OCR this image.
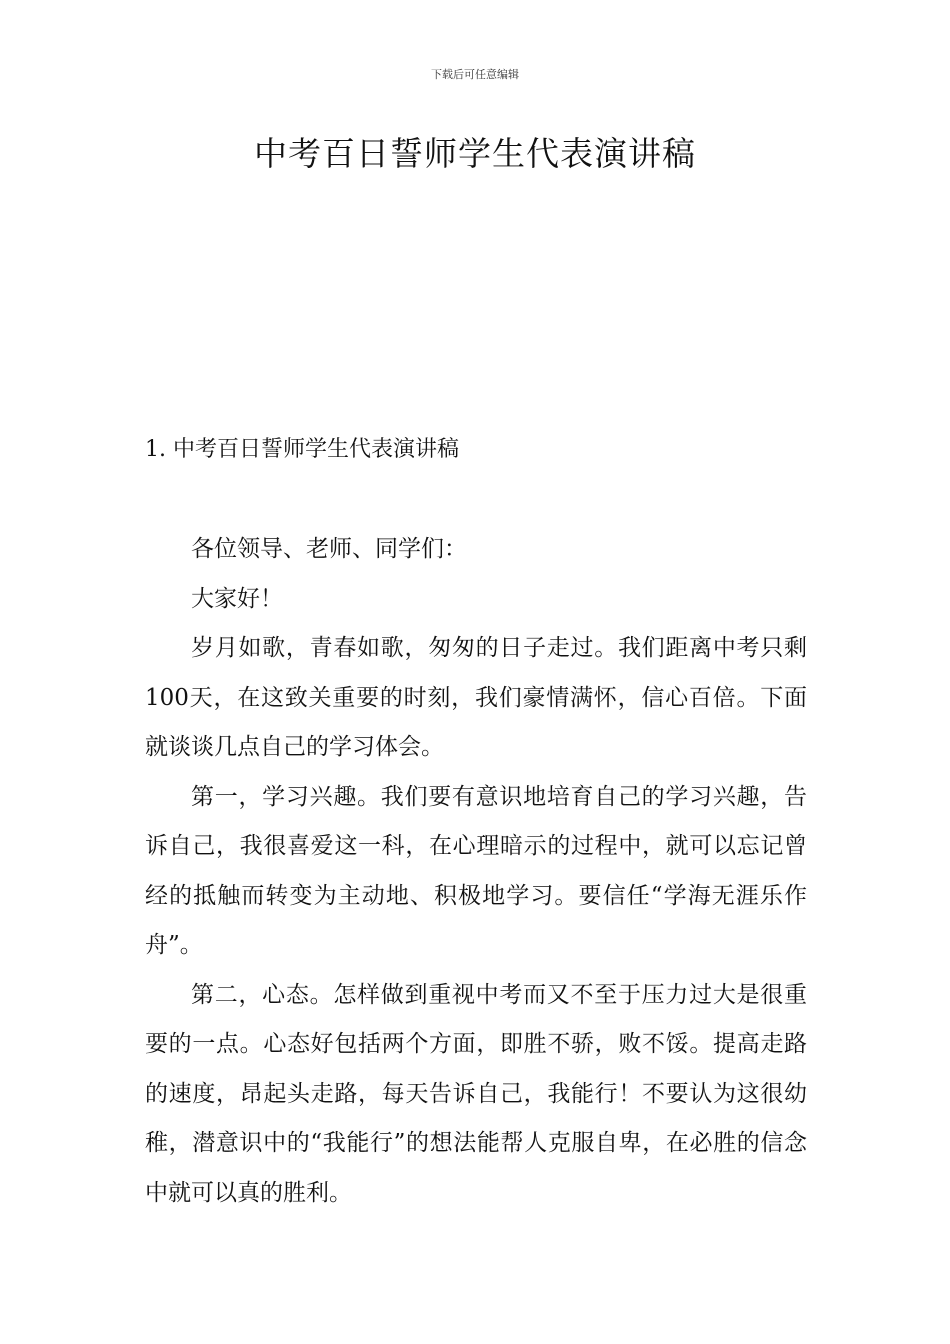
下载后可任意编辑
中考百日誓师学生代表演讲稿
1. 中考百日誓师学生代表演讲稿

各位领导、老师、同学们：

大家好！

岁月如歌，青春如歌，匆匆的日子走过。我们距离中考只剩100天，在这致关重要的时刻，我们豪情满怀，信心百倍。下面就谈谈几点自己的学习体会。

第一，学习兴趣。我们要有意识地培育自己的学习兴趣，告诉自己，我很喜爱这一科，在心理暗示的过程中，就可以忘记曾经的抵触而转变为主动地、积极地学习。要信任“学海无涯乐作舟”。

第二，心态。怎样做到重视中考而又不至于压力过大是很重要的一点。心态好包括两个方面，即胜不骄，败不馁。提高走路的速度，昂起头走路，每天告诉自己，我能行！不要认为这很幼稚，潜意识中的“我能行”的想法能帮人克服自卑，在必胜的信念中就可以真的胜利。
